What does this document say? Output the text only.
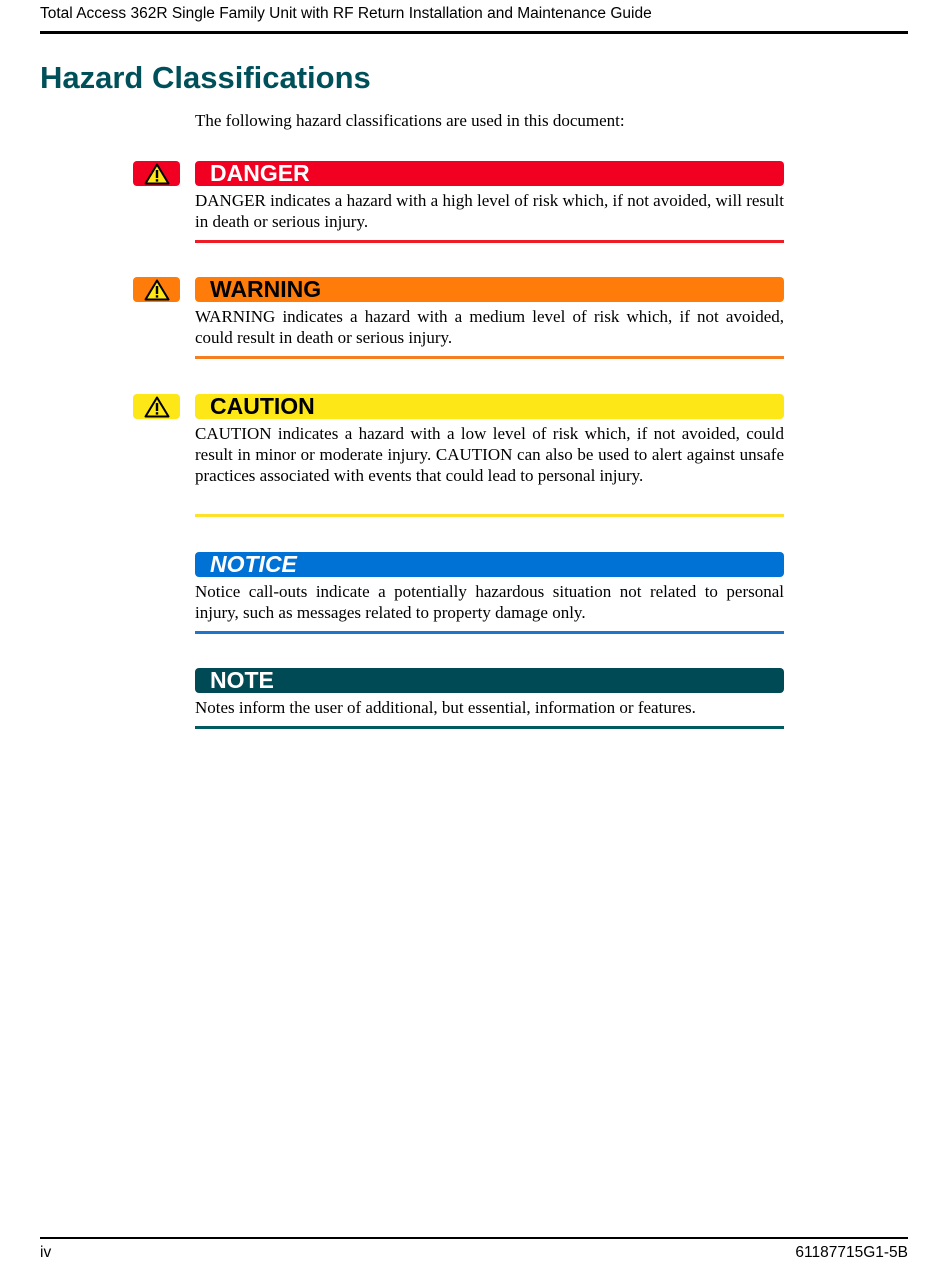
Total Access 362R Single Family Unit with RF Return Installation and Maintenance Guide
Hazard Classifications
The following hazard classifications are used in this document:
DANGER
DANGER indicates a hazard with a high level of risk which, if not avoided, will result in death or serious injury.
WARNING
WARNING indicates a hazard with a medium level of risk which, if not avoided, could result in death or serious injury.
CAUTION
CAUTION indicates a hazard with a low level of risk which, if not avoided, could result in minor or moderate injury. CAUTION can also be used to alert against unsafe practices associated with events that could lead to personal injury.
NOTICE
Notice call-outs indicate a potentially hazardous situation not related to personal injury, such as messages related to property damage only.
NOTE
Notes inform the user of additional, but essential, information or features.
iv	61187715G1-5B
